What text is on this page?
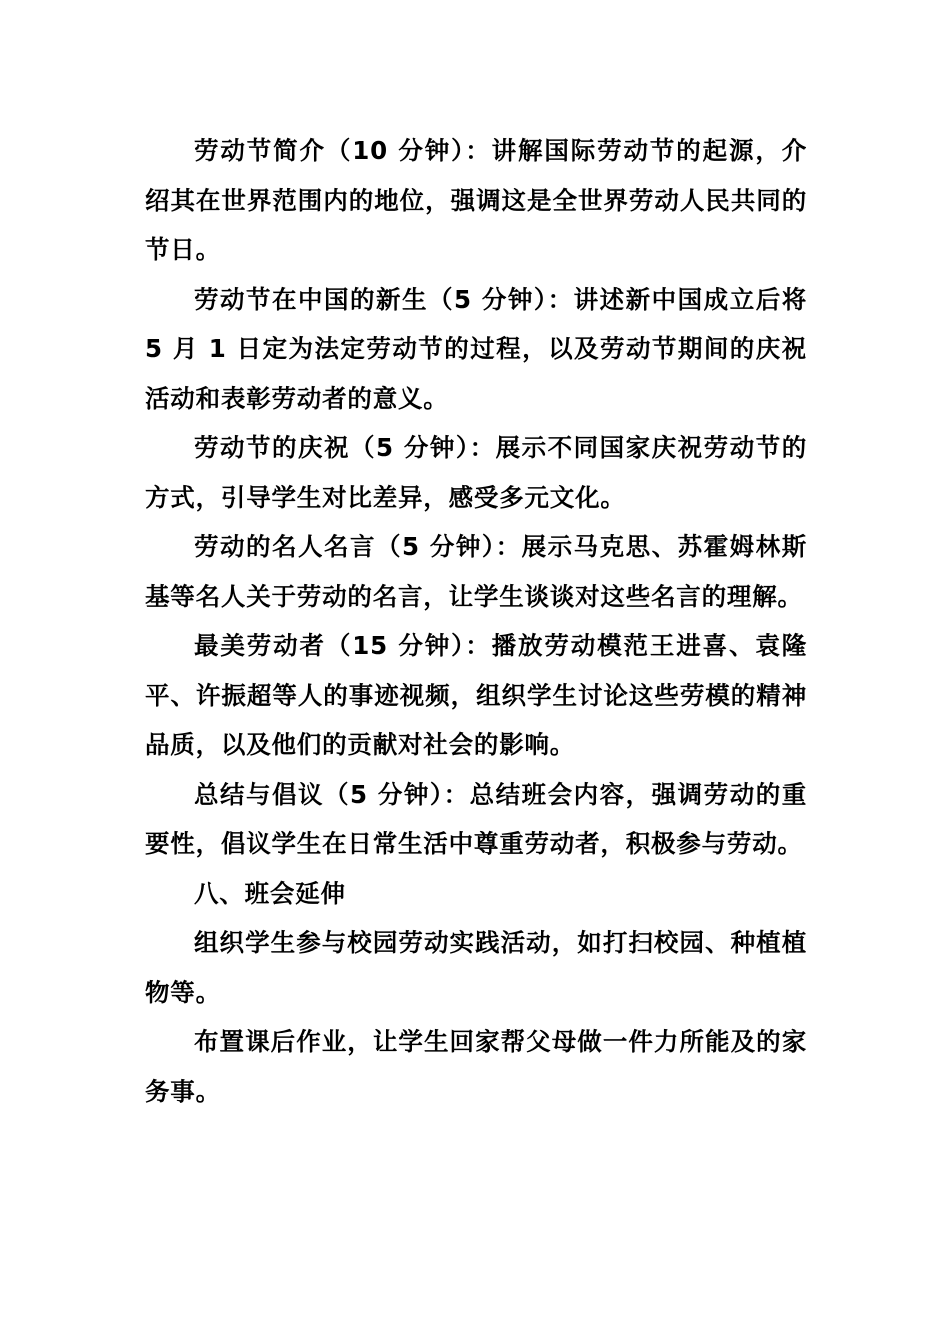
劳动节简介（10 分钟）：讲解国际劳动节的起源，介绍其在世界范围内的地位，强调这是全世界劳动人民共同的节日。

劳动节在中国的新生（5 分钟）：讲述新中国成立后将 5 月 1 日定为法定劳动节的过程，以及劳动节期间的庆祝活动和表彰劳动者的意义。

劳动节的庆祝（5 分钟）：展示不同国家庆祝劳动节的方式，引导学生对比差异，感受多元文化。

劳动的名人名言（5 分钟）：展示马克思、苏霍姆林斯基等名人关于劳动的名言，让学生谈谈对这些名言的理解。

最美劳动者（15 分钟）：播放劳动模范王进喜、袁隆平、许振超等人的事迹视频，组织学生讨论这些劳模的精神品质，以及他们的贡献对社会的影响。

总结与倡议（5 分钟）：总结班会内容，强调劳动的重要性，倡议学生在日常生活中尊重劳动者，积极参与劳动。

八、班会延伸

组织学生参与校园劳动实践活动，如打扫校园、种植植物等。

布置课后作业，让学生回家帮父母做一件力所能及的家务事。
